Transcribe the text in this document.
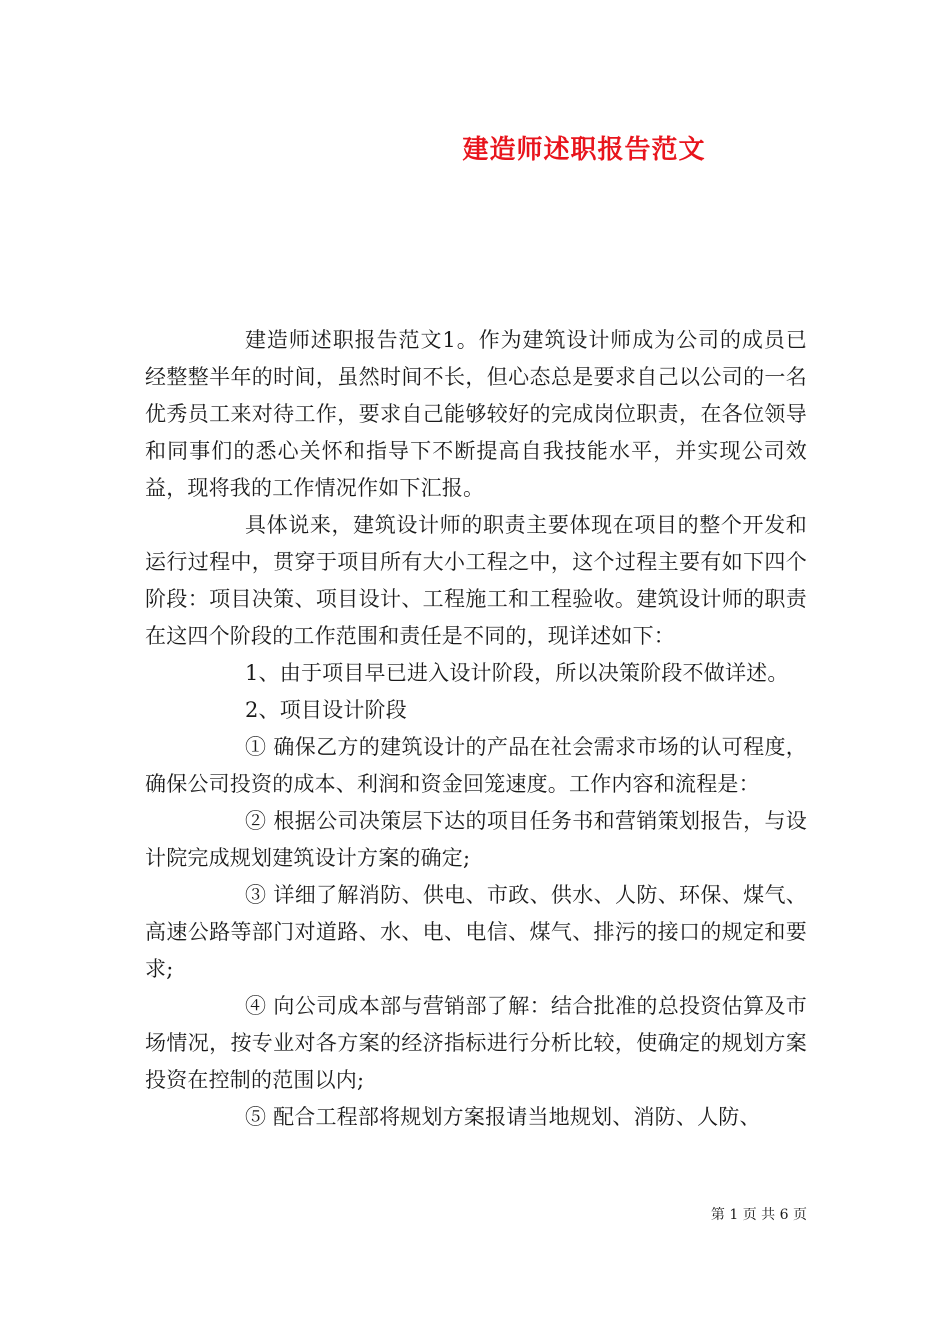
建造师述职报告范文

建造师述职报告范文1。作为建筑设计师成为公司的成员已经整整半年的时间，虽然时间不长，但心态总是要求自己以公司的一名优秀员工来对待工作，要求自己能够较好的完成岗位职责，在各位领导和同事们的悉心关怀和指导下不断提高自我技能水平，并实现公司效益，现将我的工作情况作如下汇报。

具体说来，建筑设计师的职责主要体现在项目的整个开发和运行过程中，贯穿于项目所有大小工程之中，这个过程主要有如下四个阶段：项目决策、项目设计、工程施工和工程验收。建筑设计师的职责在这四个阶段的工作范围和责任是不同的，现详述如下：

1、由于项目早已进入设计阶段，所以决策阶段不做详述。

2、项目设计阶段

① 确保乙方的建筑设计的产品在社会需求市场的认可程度，确保公司投资的成本、利润和资金回笼速度。工作内容和流程是：

② 根据公司决策层下达的项目任务书和营销策划报告，与设计院完成规划建筑设计方案的确定;

③ 详细了解消防、供电、市政、供水、人防、环保、煤气、高速公路等部门对道路、水、电、电信、煤气、排污的接口的规定和要求;

④ 向公司成本部与营销部了解：结合批准的总投资估算及市场情况，按专业对各方案的经济指标进行分析比较，使确定的规划方案投资在控制的范围以内;

⑤ 配合工程部将规划方案报请当地规划、消防、人防、

第 1 页 共 6 页
